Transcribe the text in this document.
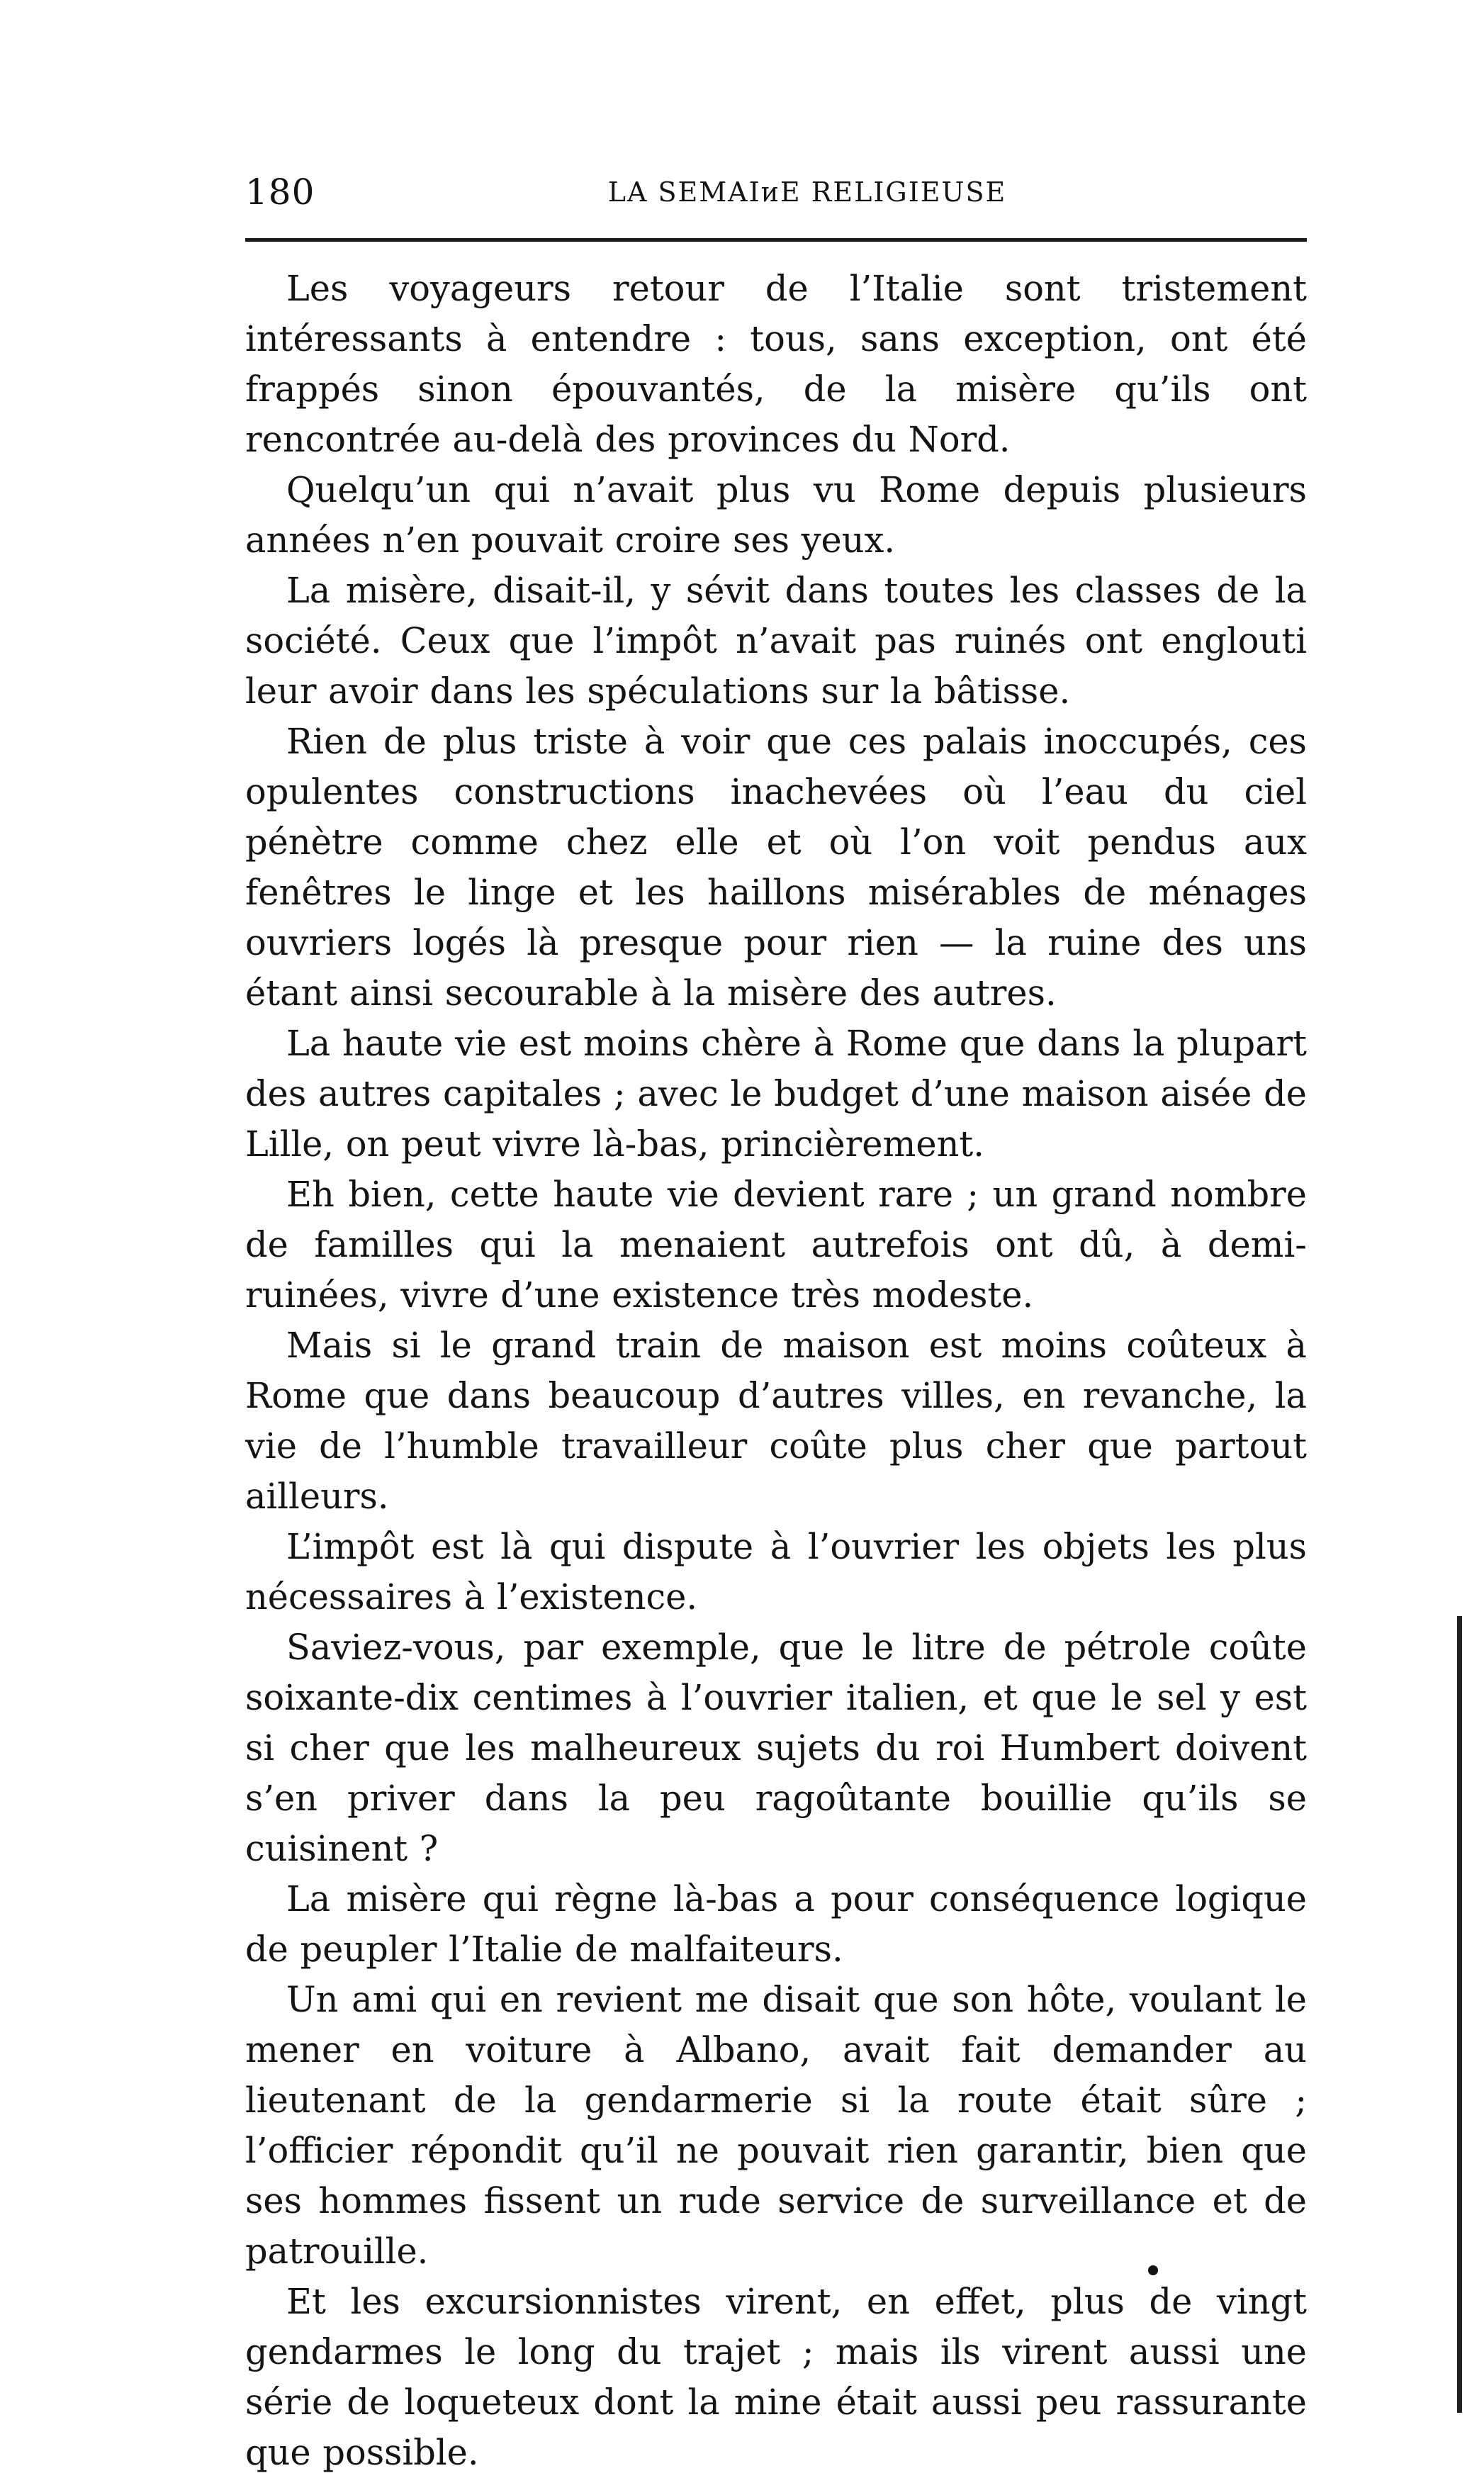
180	LA SEMAIᴎE RELIGIEUSE

Les voyageurs retour de l’Italie sont tristement intéressants à entendre : tous, sans exception, ont été frappés sinon épouvantés, de la misère qu’ils ont rencontrée au-delà des provinces du Nord.

Quelqu’un qui n’avait plus vu Rome depuis plusieurs années n’en pouvait croire ses yeux.

La misère, disait-il, y sévit dans toutes les classes de la société. Ceux que l’impôt n’avait pas ruinés ont englouti leur avoir dans les spéculations sur la bâtisse.

Rien de plus triste à voir que ces palais inoccupés, ces opulentes constructions inachevées où l’eau du ciel pénètre comme chez elle et où l’on voit pendus aux fenêtres le linge et les haillons misérables de ménages ouvriers logés là presque pour rien — la ruine des uns étant ainsi secourable à la misère des autres.

La haute vie est moins chère à Rome que dans la plupart des autres capitales ; avec le budget d’une maison aisée de Lille, on peut vivre là-bas, princièrement.

Eh bien, cette haute vie devient rare ; un grand nombre de familles qui la menaient autrefois ont dû, à demi-ruinées, vivre d’une existence très modeste.

Mais si le grand train de maison est moins coûteux à Rome que dans beaucoup d’autres villes, en revanche, la vie de l’humble travailleur coûte plus cher que partout ailleurs.

L’impôt est là qui dispute à l’ouvrier les objets les plus nécessaires à l’existence.

Saviez-vous, par exemple, que le litre de pétrole coûte soixante-dix centimes à l’ouvrier italien, et que le sel y est si cher que les malheureux sujets du roi Humbert doivent s’en priver dans la peu ragoûtante bouillie qu’ils se cuisinent ?

La misère qui règne là-bas a pour conséquence logique de peupler l’Italie de malfaiteurs.

Un ami qui en revient me disait que son hôte, voulant le mener en voiture à Albano, avait fait demander au lieutenant de la gendarmerie si la route était sûre ; l’officier répondit qu’il ne pouvait rien garantir, bien que ses hommes fissent un rude service de surveillance et de patrouille.

Et les excursionnistes virent, en effet, plus de vingt gendarmes le long du trajet ; mais ils virent aussi une série de loqueteux dont la mine était aussi peu rassurante que possible.
